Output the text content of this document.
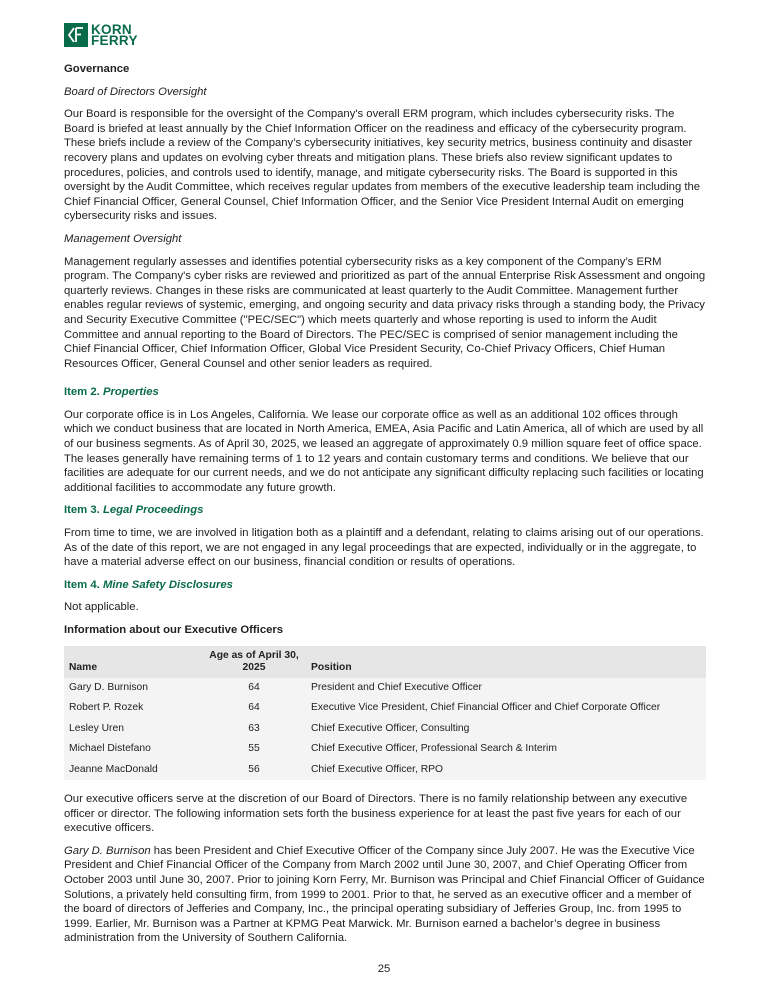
KORN
FERRY
Governance
Board of Directors Oversight

Our Board is responsible for the oversight of the Company's overall ERM program, which includes cybersecurity risks. The Board is briefed at least annually by the Chief Information Officer on the readiness and efficacy of the cybersecurity program. These briefs include a review of the Company’s cybersecurity initiatives, key security metrics, business continuity and disaster recovery plans and updates on evolving cyber threats and mitigation plans. These briefs also review significant updates to procedures, policies, and controls used to identify, manage, and mitigate cybersecurity risks. The Board is supported in this oversight by the Audit Committee, which receives regular updates from members of the executive leadership team including the Chief Financial Officer, General Counsel, Chief Information Officer, and the Senior Vice President Internal Audit on emerging cybersecurity risks and issues.

Management Oversight

Management regularly assesses and identifies potential cybersecurity risks as a key component of the Company’s ERM program. The Company's cyber risks are reviewed and prioritized as part of the annual Enterprise Risk Assessment and ongoing quarterly reviews. Changes in these risks are communicated at least quarterly to the Audit Committee. Management further enables regular reviews of systemic, emerging, and ongoing security and data privacy risks through a standing body, the Privacy and Security Executive Committee ("PEC/SEC") which meets quarterly and whose reporting is used to inform the Audit Committee and annual reporting to the Board of Directors. The PEC/SEC is comprised of senior management including the Chief Financial Officer, Chief Information Officer, Global Vice President Security, Co-Chief Privacy Officers, Chief Human Resources Officer, General Counsel and other senior leaders as required.

Item 2. Properties

Our corporate office is in Los Angeles, California. We lease our corporate office as well as an additional 102 offices through which we conduct business that are located in North America, EMEA, Asia Pacific and Latin America, all of which are used by all of our business segments. As of April 30, 2025, we leased an aggregate of approximately 0.9 million square feet of office space. The leases generally have remaining terms of 1 to 12 years and contain customary terms and conditions. We believe that our facilities are adequate for our current needs, and we do not anticipate any significant difficulty replacing such facilities or locating additional facilities to accommodate any future growth.

Item 3. Legal Proceedings

From time to time, we are involved in litigation both as a plaintiff and a defendant, relating to claims arising out of our operations. As of the date of this report, we are not engaged in any legal proceedings that are expected, individually or in the aggregate, to have a material adverse effect on our business, financial condition or results of operations.

Item 4. Mine Safety Disclosures

Not applicable.

Information about our Executive Officers
Name	Age as of April 30, 2025	Position
Gary D. Burnison	64	President and Chief Executive Officer
Robert P. Rozek	64	Executive Vice President, Chief Financial Officer and Chief Corporate Officer
Lesley Uren	63	Chief Executive Officer, Consulting
Michael Distefano	55	Chief Executive Officer, Professional Search & Interim
Jeanne MacDonald	56	Chief Executive Officer, RPO

Our executive officers serve at the discretion of our Board of Directors. There is no family relationship between any executive officer or director. The following information sets forth the business experience for at least the past five years for each of our executive officers.

Gary D. Burnison has been President and Chief Executive Officer of the Company since July 2007. He was the Executive Vice President and Chief Financial Officer of the Company from March 2002 until June 30, 2007, and Chief Operating Officer from October 2003 until June 30, 2007. Prior to joining Korn Ferry, Mr. Burnison was Principal and Chief Financial Officer of Guidance Solutions, a privately held consulting firm, from 1999 to 2001. Prior to that, he served as an executive officer and a member of the board of directors of Jefferies and Company, Inc., the principal operating subsidiary of Jefferies Group, Inc. from 1995 to 1999. Earlier, Mr. Burnison was a Partner at KPMG Peat Marwick. Mr. Burnison earned a bachelor’s degree in business administration from the University of Southern California.

25
